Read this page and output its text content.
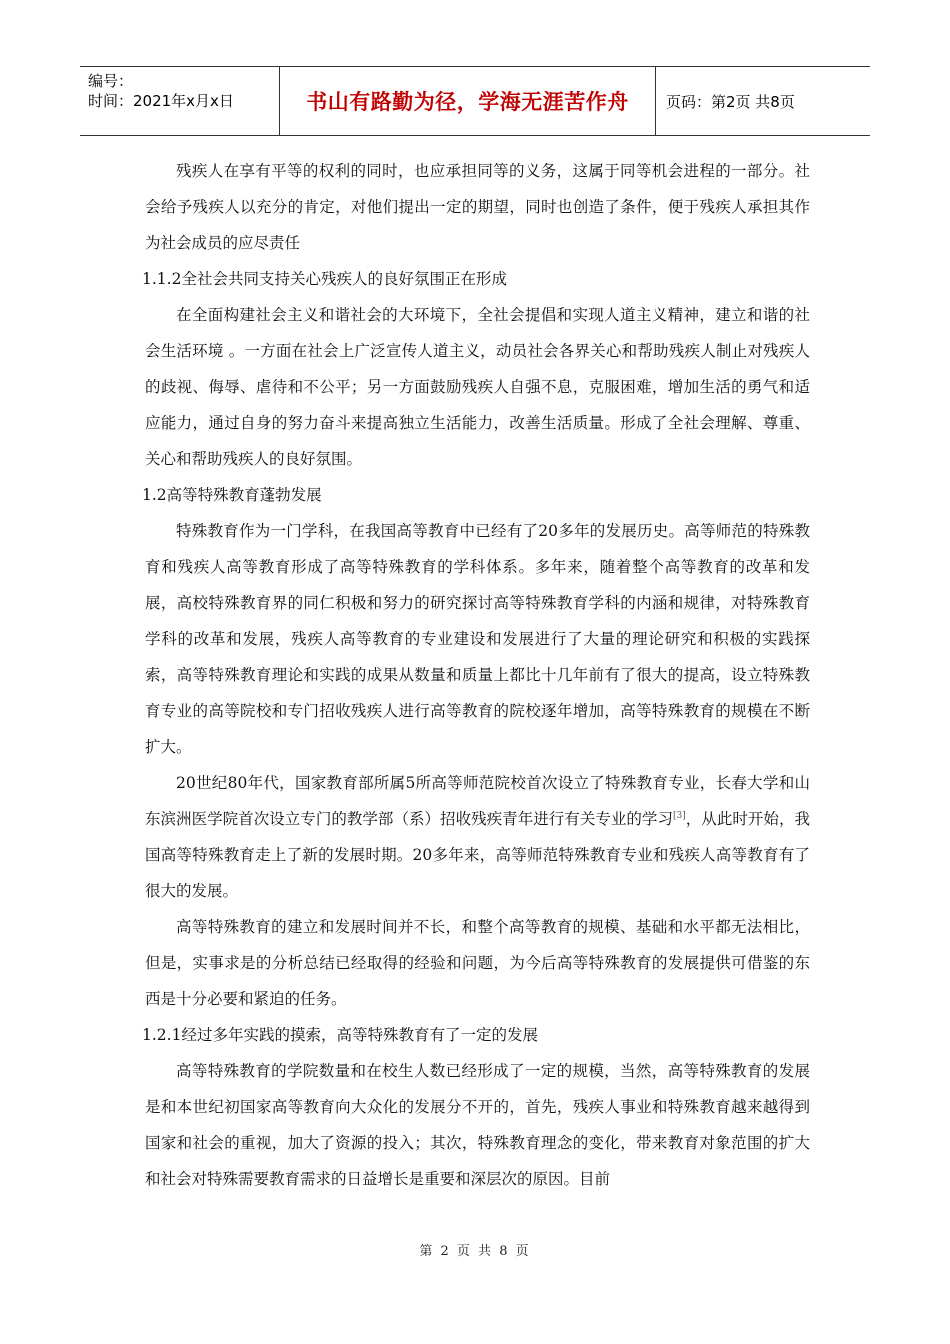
编号：
时间：2021年x月x日	书山有路勤为径，学海无涯苦作舟	页码：第2页 共8页

残疾人在享有平等的权利的同时，也应承担同等的义务，这属于同等机会进程的一部分。社会给予残疾人以充分的肯定，对他们提出一定的期望，同时也创造了条件，便于残疾人承担其作为社会成员的应尽责任

1.1.2全社会共同支持关心残疾人的良好氛围正在形成

在全面构建社会主义和谐社会的大环境下，全社会提倡和实现人道主义精神，建立和谐的社会生活环境 。一方面在社会上广泛宣传人道主义，动员社会各界关心和帮助残疾人制止对残疾人的歧视、侮辱、虐待和不公平；另一方面鼓励残疾人自强不息，克服困难，增加生活的勇气和适应能力，通过自身的努力奋斗来提高独立生活能力，改善生活质量。形成了全社会理解、尊重、关心和帮助残疾人的良好氛围。

1.2高等特殊教育蓬勃发展

特殊教育作为一门学科，在我国高等教育中已经有了20多年的发展历史。高等师范的特殊教育和残疾人高等教育形成了高等特殊教育的学科体系。多年来，随着整个高等教育的改革和发展，高校特殊教育界的同仁积极和努力的研究探讨高等特殊教育学科的内涵和规律，对特殊教育学科的改革和发展，残疾人高等教育的专业建设和发展进行了大量的理论研究和积极的实践探索，高等特殊教育理论和实践的成果从数量和质量上都比十几年前有了很大的提高，设立特殊教育专业的高等院校和专门招收残疾人进行高等教育的院校逐年增加，高等特殊教育的规模在不断扩大。

20世纪80年代，国家教育部所属5所高等师范院校首次设立了特殊教育专业，长春大学和山东滨洲医学院首次设立专门的教学部（系）招收残疾青年进行有关专业的学习[3]，从此时开始，我国高等特殊教育走上了新的发展时期。20多年来，高等师范特殊教育专业和残疾人高等教育有了很大的发展。

高等特殊教育的建立和发展时间并不长，和整个高等教育的规模、基础和水平都无法相比，但是，实事求是的分析总结已经取得的经验和问题，为今后高等特殊教育的发展提供可借鉴的东西是十分必要和紧迫的任务。

1.2.1经过多年实践的摸索，高等特殊教育有了一定的发展

高等特殊教育的学院数量和在校生人数已经形成了一定的规模，当然，高等特殊教育的发展是和本世纪初国家高等教育向大众化的发展分不开的，首先，残疾人事业和特殊教育越来越得到国家和社会的重视，加大了资源的投入；其次，特殊教育理念的变化，带来教育对象范围的扩大和社会对特殊需要教育需求的日益增长是重要和深层次的原因。目前

第 2 页 共 8 页
